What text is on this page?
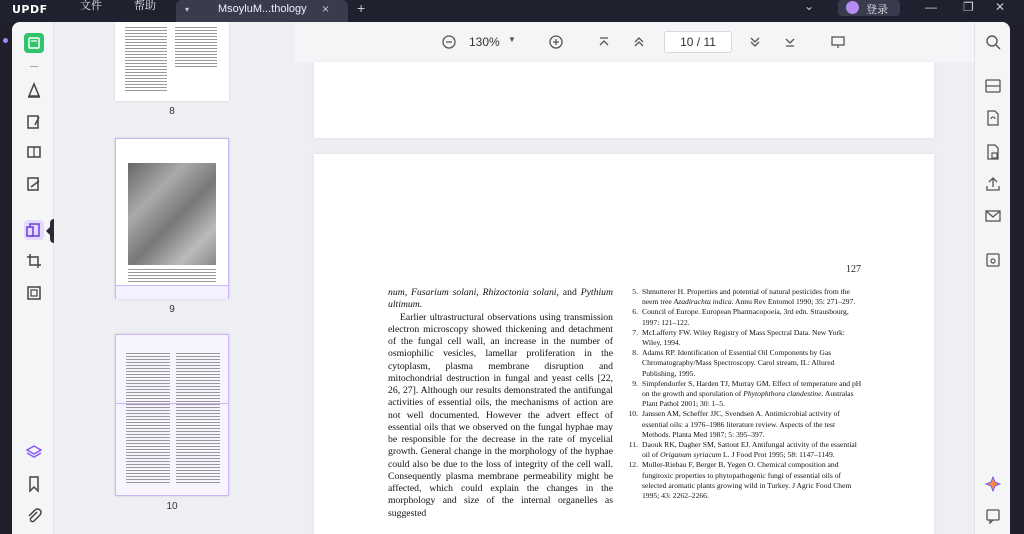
UPDF	文件	帮助	MsoyluM...thology ×
▾	+	⌄	登录	— ❐ ✕
8
9
10
130% ▼	10 / 11
127

num, Fusarium solani, Rhizoctonia solani, and Pythium ultimum.

Earlier ultrastructural observations using transmission electron microscopy showed thickening and detachment of the fungal cell wall, an increase in the number of osmiophilic vesicles, lamellar proliferation in the cytoplasm, plasma membrane disruption and mitochondrial destruction in fungal and yeast cells [22, 26, 27]. Although our results demonstrated the antifungal activities of essential oils, the mechanisms of action are not well documented. However the advert effect of essential oils that we observed on the fungal hyphae may be responsible for the decrease in the rate of mycelial growth. General change in the morphology of the hyphae could also be due to the loss of integrity of the cell wall. Consequently plasma membrane permeability might be affected, which could explain the changes in the morphology and size of the internal organelles as suggested

5. Shmutterer H. Properties and potential of natural pesticides from the neem tree Azadirachta indica. Annu Rev Entomol 1990; 35: 271–297.
6. Council of Europe. European Pharmacopoeia, 3rd edn. Strausbourg, 1997: 121–122.
7. McLafferty FW. Wiley Registry of Mass Spectral Data. New York: Wiley, 1994.
8. Adams RP. Identification of Essential Oil Components by Gas Chromatography/Mass Spectroscopy. Carol stream, IL: Allured Publishing, 1995.
9. Simpfendorfer S, Harden TJ, Murray GM. Effect of temperature and pH on the growth and sporulation of Phytophthora clandestine. Australas Plant Pathol 2001; 30: 1–5.
10. Janssen AM, Scheffer JJC, Svendsen A. Antimicrobial activity of essential oils: a 1976–1986 literature review. Aspects of the test Methods. Planta Med 1987; 5: 395–397.
11. Daouk RK, Dagher SM, Sattout EJ. Antifungal activity of the essential oil of Origanum syriacum L. J Food Prot 1995; 58: 1147–1149.
12. Muller-Riebau F, Berger B, Yegen O. Chemical composition and fungitoxic properties to phytopathogenic fungi of essential oils of selected aromatic plants growing wild in Turkey. J Agric Food Chem 1995; 43: 2262–2266.
